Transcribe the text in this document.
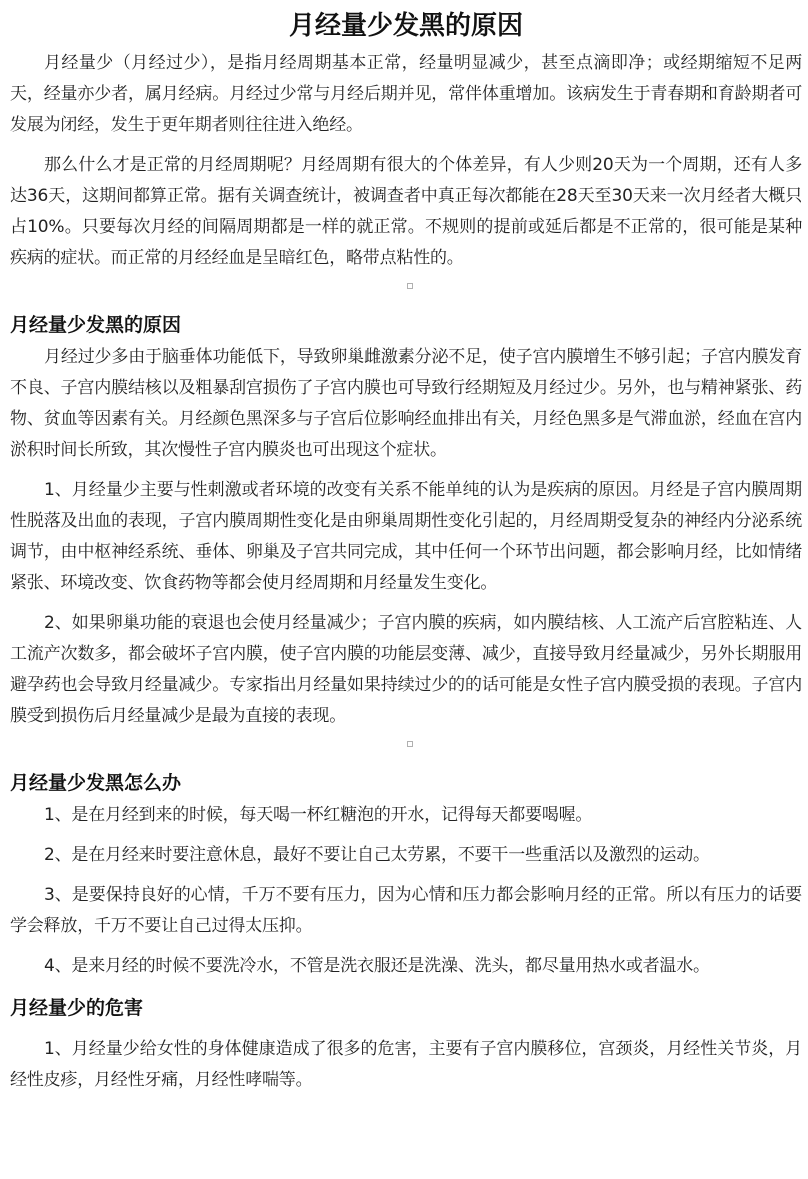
月经量少发黑的原因

月经量少（月经过少），是指月经周期基本正常，经量明显减少，甚至点滴即净；或经期缩短不足两天，经量亦少者，属月经病。月经过少常与月经后期并见，常伴体重增加。该病发生于青春期和育龄期者可发展为闭经，发生于更年期者则往往进入绝经。

那么什么才是正常的月经周期呢？月经周期有很大的个体差异，有人少则20天为一个周期，还有人多达36天，这期间都算正常。据有关调查统计，被调查者中真正每次都能在28天至30天来一次月经者大概只占10%。只要每次月经的间隔周期都是一样的就正常。不规则的提前或延后都是不正常的，很可能是某种疾病的症状。而正常的月经经血是呈暗红色，略带点粘性的。

月经量少发黑的原因

月经过少多由于脑垂体功能低下，导致卵巢雌激素分泌不足，使子宫内膜增生不够引起；子宫内膜发育不良、子宫内膜结核以及粗暴刮宫损伤了子宫内膜也可导致行经期短及月经过少。另外，也与精神紧张、药物、贫血等因素有关。月经颜色黑深多与子宫后位影响经血排出有关，月经色黑多是气滞血淤，经血在宫内淤积时间长所致，其次慢性子宫内膜炎也可出现这个症状。

1、月经量少主要与性刺激或者环境的改变有关系不能单纯的认为是疾病的原因。月经是子宫内膜周期性脱落及出血的表现，子宫内膜周期性变化是由卵巢周期性变化引起的，月经周期受复杂的神经内分泌系统调节，由中枢神经系统、垂体、卵巢及子宫共同完成，其中任何一个环节出问题，都会影响月经，比如情绪紧张、环境改变、饮食药物等都会使月经周期和月经量发生变化。

2、如果卵巢功能的衰退也会使月经量减少；子宫内膜的疾病，如内膜结核、人工流产后宫腔粘连、人工流产次数多，都会破坏子宫内膜，使子宫内膜的功能层变薄、减少，直接导致月经量减少，另外长期服用避孕药也会导致月经量减少。专家指出月经量如果持续过少的的话可能是女性子宫内膜受损的表现。子宫内膜受到损伤后月经量减少是最为直接的表现。

月经量少发黑怎么办

1、是在月经到来的时候，每天喝一杯红糖泡的开水，记得每天都要喝喔。

2、是在月经来时要注意休息，最好不要让自己太劳累，不要干一些重活以及激烈的运动。

3、是要保持良好的心情，千万不要有压力，因为心情和压力都会影响月经的正常。所以有压力的话要学会释放，千万不要让自己过得太压抑。

4、是来月经的时候不要洗冷水，不管是洗衣服还是洗澡、洗头，都尽量用热水或者温水。

月经量少的危害

1、月经量少给女性的身体健康造成了很多的危害，主要有子宫内膜移位，宫颈炎，月经性关节炎，月经性皮疹，月经性牙痛，月经性哮喘等。
